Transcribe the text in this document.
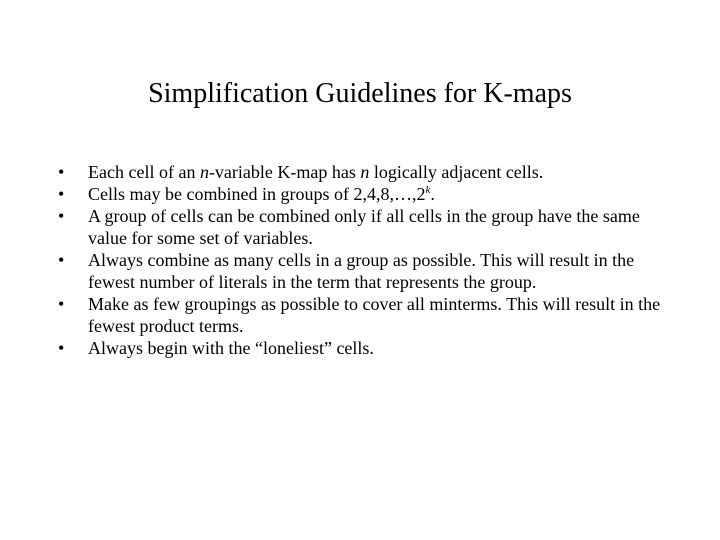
Simplification Guidelines for K-maps
•	Each cell of an n-variable K-map has n logically adjacent cells.
•	Cells may be combined in groups of 2,4,8,…,2$^k$.
•	A group of cells can be combined only if all cells in the group have the same value for some set of variables.
•	Always combine as many cells in a group as possible. This will result in the fewest number of literals in the term that represents the group.
•	Make as few groupings as possible to cover all minterms. This will result in the fewest product terms.
•	Always begin with the “loneliest” cells.
